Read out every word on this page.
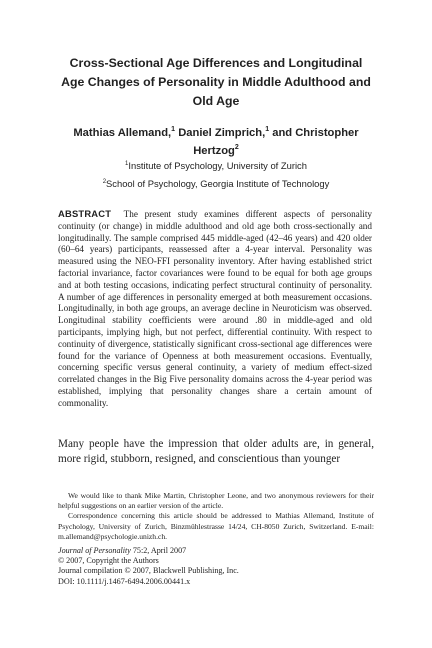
Cross-Sectional Age Differences and Longitudinal
Age Changes of Personality in Middle Adulthood and
Old Age
Mathias Allemand,$^1$ Daniel Zimprich,$^1$ and Christopher
Hertzog$^2$
$^1$Institute of Psychology, University of Zurich
$^2$School of Psychology, Georgia Institute of Technology

ABSTRACT The present study examines different aspects of personality continuity (or change) in middle adulthood and old age both cross-sectionally and longitudinally. The sample comprised 445 middle-aged (42–46 years) and 420 older (60–64 years) participants, reassessed after a 4-year interval. Personality was measured using the NEO-FFI personality inventory. After having established strict factorial invariance, factor covariances were found to be equal for both age groups and at both testing occasions, indicating perfect structural continuity of personality. A number of age differences in personality emerged at both measurement occasions. Longitudinally, in both age groups, an average decline in Neuroticism was observed. Longitudinal stability coefficients were around .80 in middle-aged and old participants, implying high, but not perfect, differential continuity. With respect to continuity of divergence, statistically significant cross-sectional age differences were found for the variance of Openness at both measurement occasions. Eventually, concerning specific versus general continuity, a variety of medium effect-sized correlated changes in the Big Five personality domains across the 4-year period was established, implying that personality changes share a certain amount of commonality.

Many people have the impression that older adults are, in general, more rigid, stubborn, resigned, and conscientious than younger

We would like to thank Mike Martin, Christopher Leone, and two anonymous reviewers for their helpful suggestions on an earlier version of the article.

Correspondence concerning this article should be addressed to Mathias Allemand, Institute of Psychology, University of Zurich, Binzmühlestrasse 14/24, CH-8050 Zurich, Switzerland. E-mail: m.allemand@psychologie.unizh.ch.

Journal of Personality 75:2, April 2007
© 2007, Copyright the Authors
Journal compilation © 2007, Blackwell Publishing, Inc.
DOI: 10.1111/j.1467-6494.2006.00441.x
